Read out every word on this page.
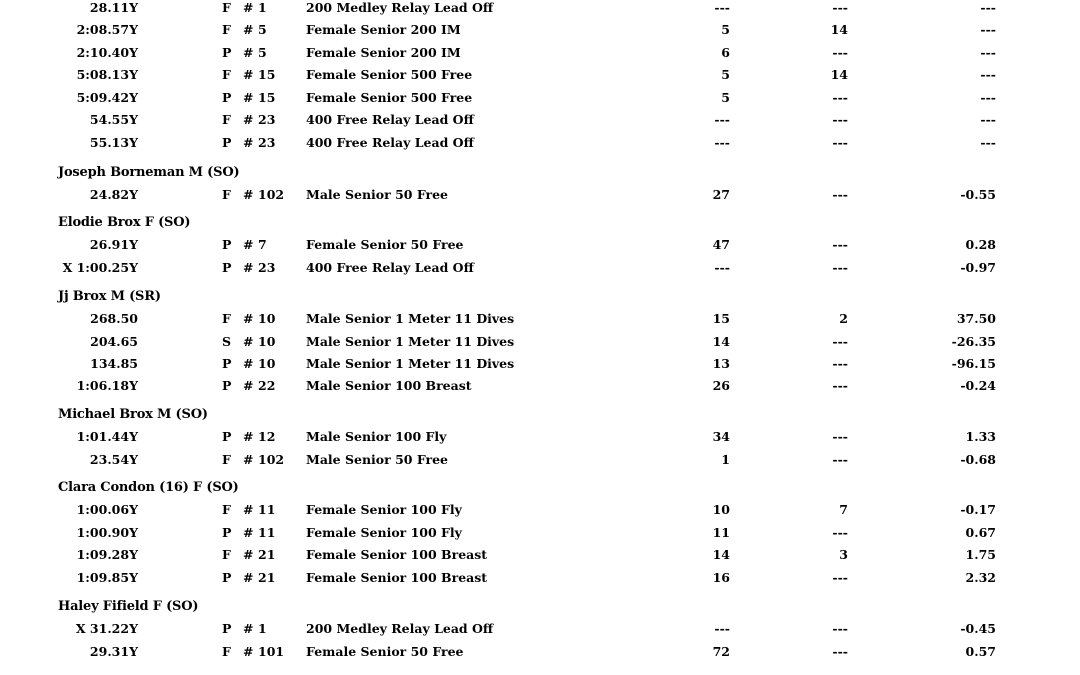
28.11Y	F # 1	200 Medley Relay Lead Off	---	---	---
2:08.57Y	F # 5	Female Senior 200 IM	5	14	---
2:10.40Y	P # 5	Female Senior 200 IM	6	---	---
5:08.13Y	F # 15	Female Senior 500 Free	5	14	---
5:09.42Y	P # 15	Female Senior 500 Free	5	---	---
54.55Y	F # 23	400 Free Relay Lead Off	---	---	---
55.13Y	P # 23	400 Free Relay Lead Off	---	---	---
Joseph Borneman M (SO)
24.82Y	F # 102	Male Senior 50 Free	27	---	-0.55
Elodie Brox F (SO)
26.91Y	P # 7	Female Senior 50 Free	47	---	0.28
X 1:00.25Y	P # 23	400 Free Relay Lead Off	---	---	-0.97
Jj Brox M (SR)
268.50	F # 10	Male Senior 1 Meter 11 Dives	15	2	37.50
204.65	S # 10	Male Senior 1 Meter 11 Dives	14	---	-26.35
134.85	P # 10	Male Senior 1 Meter 11 Dives	13	---	-96.15
1:06.18Y	P # 22	Male Senior 100 Breast	26	---	-0.24
Michael Brox M (SO)
1:01.44Y	P # 12	Male Senior 100 Fly	34	---	1.33
23.54Y	F # 102	Male Senior 50 Free	1	---	-0.68
Clara Condon (16) F (SO)
1:00.06Y	F # 11	Female Senior 100 Fly	10	7	-0.17
1:00.90Y	P # 11	Female Senior 100 Fly	11	---	0.67
1:09.28Y	F # 21	Female Senior 100 Breast	14	3	1.75
1:09.85Y	P # 21	Female Senior 100 Breast	16	---	2.32
Haley Fifield F (SO)
X 31.22Y	P # 1	200 Medley Relay Lead Off	---	---	-0.45
29.31Y	F # 101	Female Senior 50 Free	72	---	0.57
